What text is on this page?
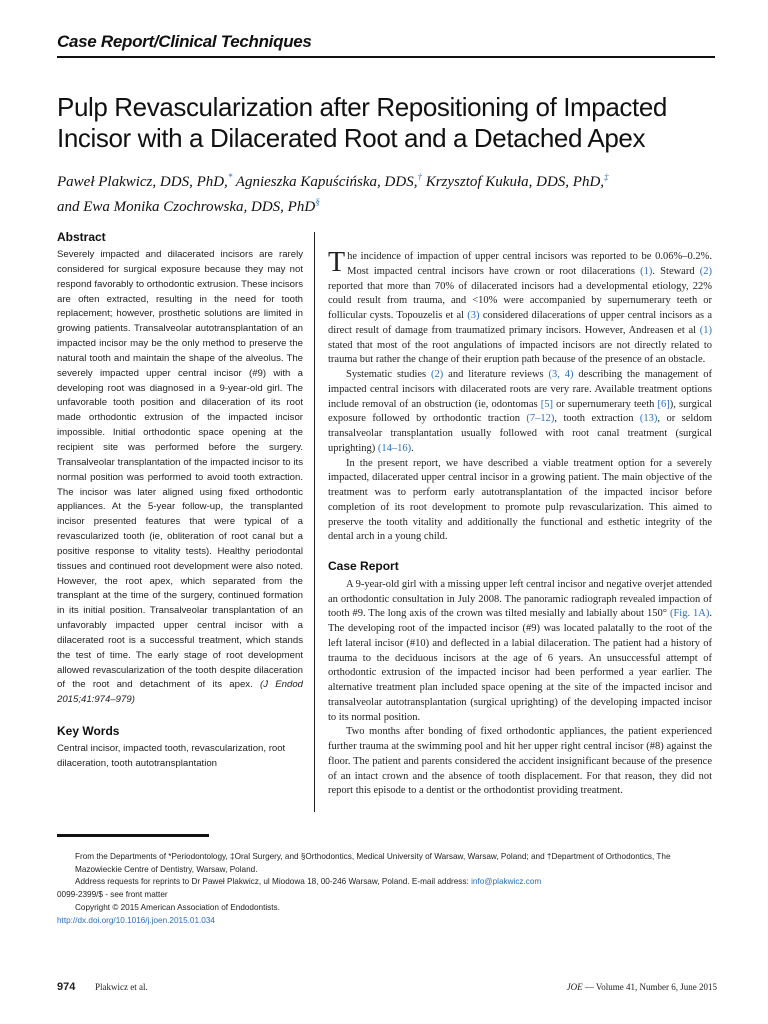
Case Report/Clinical Techniques
Pulp Revascularization after Repositioning of Impacted Incisor with a Dilacerated Root and a Detached Apex
Paweł Plakwicz, DDS, PhD,* Agnieszka Kapuścińska, DDS,† Krzysztof Kukuła, DDS, PhD,‡
and Ewa Monika Czochrowska, DDS, PhD§
Abstract

Severely impacted and dilacerated incisors are rarely considered for surgical exposure because they may not respond favorably to orthodontic extrusion. These incisors are often extracted, resulting in the need for tooth replacement; however, prosthetic solutions are limited in growing patients. Transalveolar autotransplantation of an impacted incisor may be the only method to preserve the natural tooth and maintain the shape of the alveolus. The severely impacted upper central incisor (#9) with a developing root was diagnosed in a 9-year-old girl. The unfavorable tooth position and dilaceration of its root made orthodontic extrusion of the impacted incisor impossible. Initial orthodontic space opening at the recipient site was performed before the surgery. Transalveolar transplantation of the impacted incisor to its normal position was performed to avoid tooth extraction. The incisor was later aligned using fixed orthodontic appliances. At the 5-year follow-up, the transplanted incisor presented features that were typical of a revascularized tooth (ie, obliteration of root canal but a positive response to vitality tests). Healthy periodontal tissues and continued root development were also noted. However, the root apex, which separated from the transplant at the time of the surgery, continued formation in its initial position. Transalveolar transplantation of an unfavorably impacted upper central incisor with a dilacerated root is a successful treatment, which stands the test of time. The early stage of root development allowed revascularization of the tooth despite dilaceration of the root and detachment of its apex. (J Endod 2015;41:974–979)

Key Words

Central incisor, impacted tooth, revascularization, root dilaceration, tooth autotransplantation

The incidence of impaction of upper central incisors was reported to be 0.06%–0.2%. Most impacted central incisors have crown or root dilacerations (1). Steward (2) reported that more than 70% of dilacerated incisors had a developmental etiology, 22% could result from trauma, and <10% were accompanied by supernumerary teeth or follicular cysts. Topouzelis et al (3) considered dilacerations of upper central incisors as a direct result of damage from traumatized primary incisors. However, Andreasen et al (1) stated that most of the root angulations of impacted incisors are not directly related to trauma but rather the change of their eruption path because of the presence of an obstacle.

Systematic studies (2) and literature reviews (3, 4) describing the management of impacted central incisors with dilacerated roots are very rare. Available treatment options include removal of an obstruction (ie, odontomas [5] or supernumerary teeth [6]), surgical exposure followed by orthodontic traction (7–12), tooth extraction (13), or seldom transalveolar transplantation usually followed with root canal treatment (surgical uprighting) (14–16).

In the present report, we have described a viable treatment option for a severely impacted, dilacerated upper central incisor in a growing patient. The main objective of the treatment was to perform early autotransplantation of the impacted incisor before completion of its root development to promote pulp revascularization. This aimed to preserve the tooth vitality and additionally the functional and esthetic integrity of the dental arch in a young child.

Case Report

A 9-year-old girl with a missing upper left central incisor and negative overjet attended an orthodontic consultation in July 2008. The panoramic radiograph revealed impaction of tooth #9. The long axis of the crown was tilted mesially and labially about 150° (Fig. 1A). The developing root of the impacted incisor (#9) was located palatally to the root of the left lateral incisor (#10) and deflected in a labial dilaceration. The patient had a history of trauma to the deciduous incisors at the age of 6 years. An unsuccessful attempt of orthodontic extrusion of the impacted incisor had been performed a year earlier. The alternative treatment plan included space opening at the site of the impacted incisor and transalveolar autotransplantation (surgical uprighting) of the developing impacted incisor to its normal position.

Two months after bonding of fixed orthodontic appliances, the patient experienced further trauma at the swimming pool and hit her upper right central incisor (#8) against the floor. The patient and parents considered the accident insignificant because of the presence of an intact crown and the absence of tooth displacement. For that reason, they did not report this episode to a dentist or the orthodontist providing treatment.

From the Departments of *Periodontology, ‡Oral Surgery, and §Orthodontics, Medical University of Warsaw, Warsaw, Poland; and †Department of Orthodontics, The Mazowieckie Centre of Dentistry, Warsaw, Poland.

Address requests for reprints to Dr Paweł Plakwicz, ul Miodowa 18, 00-246 Warsaw, Poland. E-mail address: info@plakwicz.com

0099-2399/$ - see front matter

Copyright © 2015 American Association of Endodontists.

http://dx.doi.org/10.1016/j.joen.2015.01.034

974 Plakwicz et al.	JOE — Volume 41, Number 6, June 2015
